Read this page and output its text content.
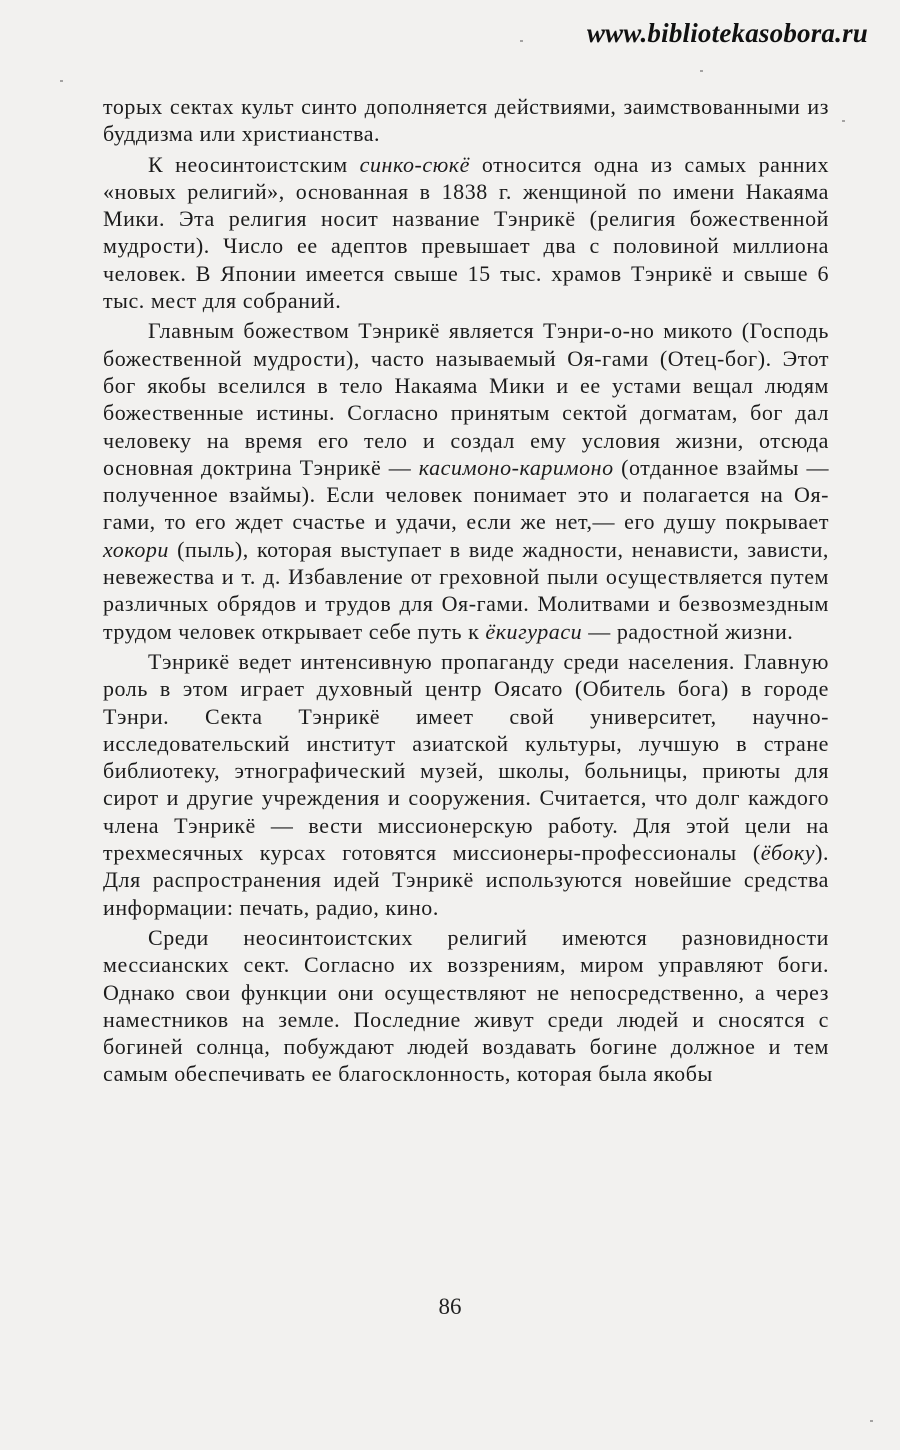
www.bibliotekasobora.ru

торых сектах культ синто дополняется действиями, заимствованными из буддизма или христианства.

К неосинтоистским синко-сюкё относится одна из самых ранних «новых религий», основанная в 1838 г. женщиной по имени Накаяма Мики. Эта религия носит название Тэнрикё (религия божественной мудрости). Число ее адептов превышает два с половиной миллиона человек. В Японии имеется свыше 15 тыс. храмов Тэнрикё и свыше 6 тыс. мест для собраний.

Главным божеством Тэнрикё является Тэнри-о-но микото (Господь божественной мудрости), часто называемый Оя-гами (Отец-бог). Этот бог якобы вселился в тело Накаяма Мики и ее устами вещал людям божественные истины. Согласно принятым сектой догматам, бог дал человеку на время его тело и создал ему условия жизни, отсюда основная доктрина Тэнрикё — касимоно-каримоно (отданное взаймы — полученное взаймы). Если человек понимает это и полагается на Оя-гами, то его ждет счастье и удачи, если же нет,— его душу покрывает хокори (пыль), которая выступает в виде жадности, ненависти, зависти, невежества и т. д. Избавление от греховной пыли осуществляется путем различных обрядов и трудов для Оя-гами. Молитвами и безвозмездным трудом человек открывает себе путь к ёкигураси — радостной жизни.

Тэнрикё ведет интенсивную пропаганду среди населения. Главную роль в этом играет духовный центр Оясато (Обитель бога) в городе Тэнри. Секта Тэнрикё имеет свой университет, научно-исследовательский институт азиатской культуры, лучшую в стране библиотеку, этнографический музей, школы, больницы, приюты для сирот и другие учреждения и сооружения. Считается, что долг каждого члена Тэнрикё — вести миссионерскую работу. Для этой цели на трехмесячных курсах готовятся миссионеры-профессионалы (ёбоку). Для распространения идей Тэнрикё используются новейшие средства информации: печать, радио, кино.

Среди неосинтоистских религий имеются разновидности мессианских сект. Согласно их воззрениям, миром управляют боги. Однако свои функции они осуществляют не непосредственно, а через наместников на земле. Последние живут среди людей и сносятся с богиней солнца, побуждают людей воздавать богине должное и тем самым обеспечивать ее благосклонность, которая была якобы

86
